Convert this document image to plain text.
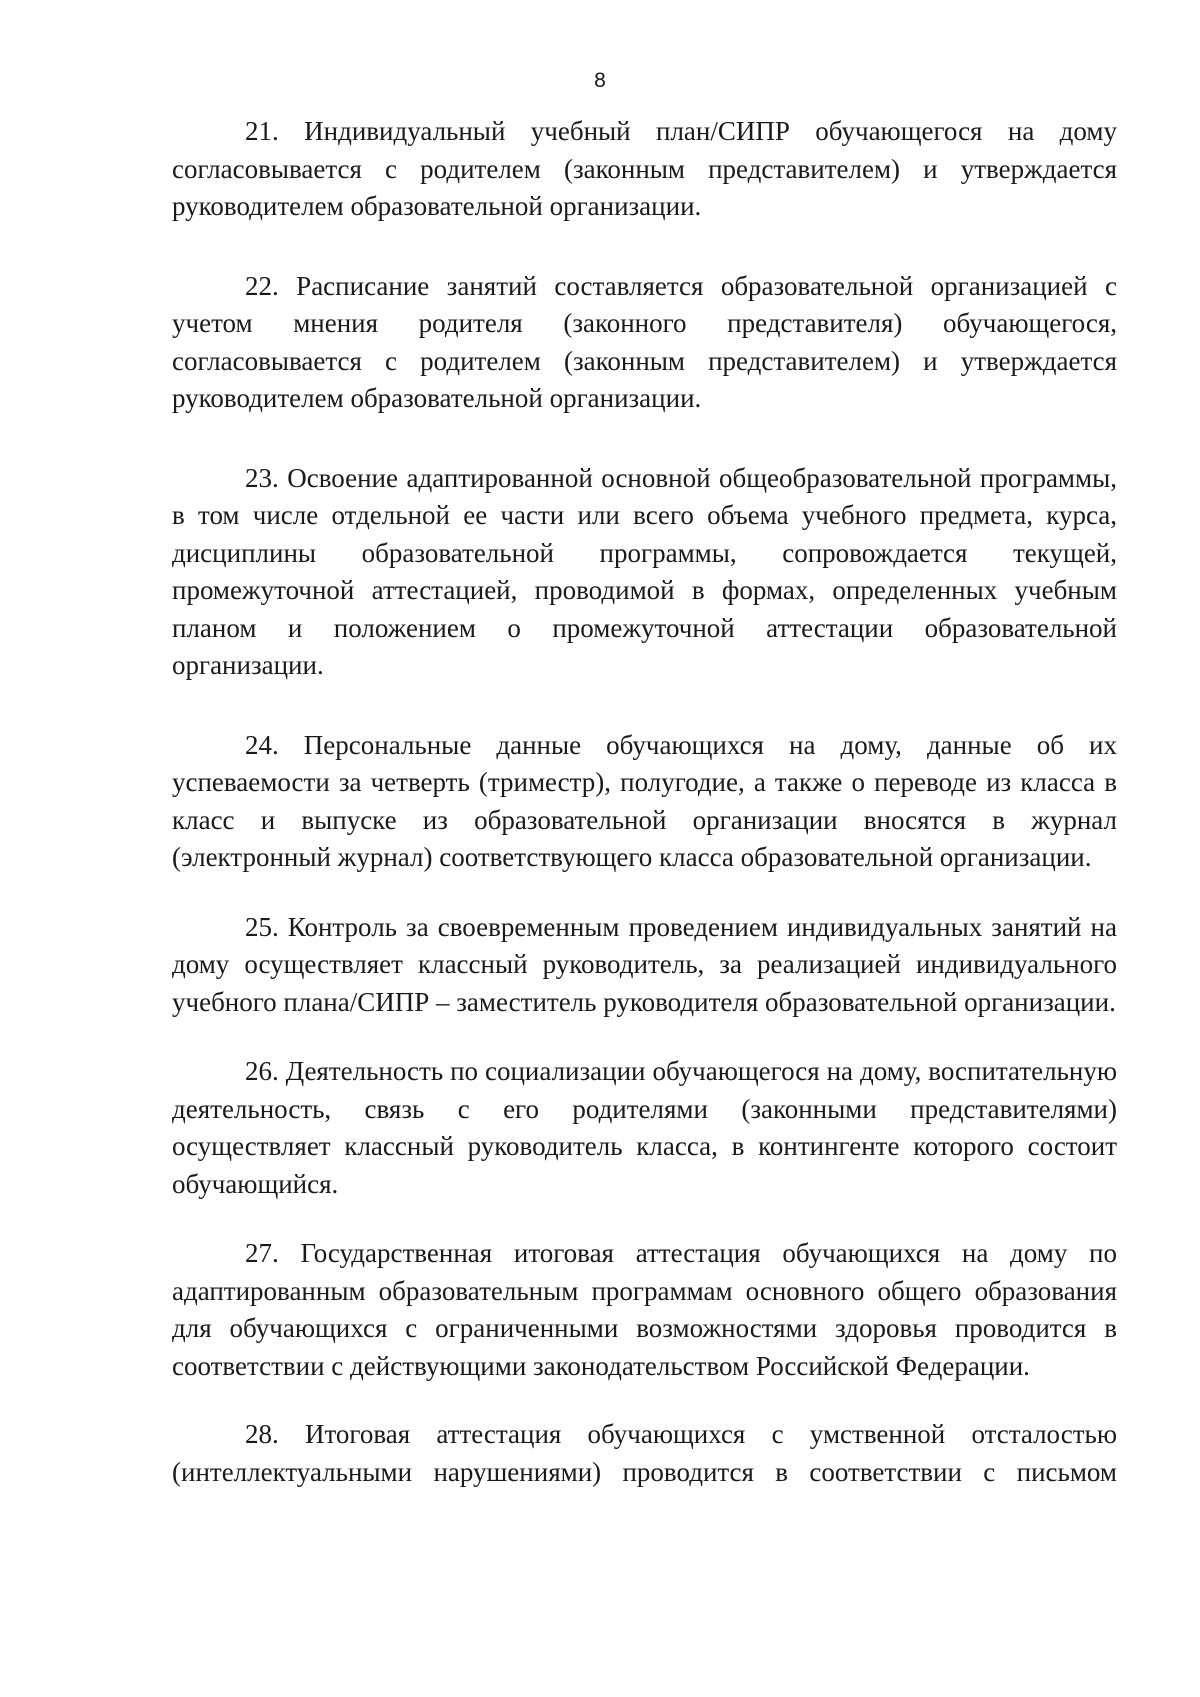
8

21. Индивидуальный учебный план/СИПР обучающегося на дому согласовывается с родителем (законным представителем) и утверждается руководителем образовательной организации.

22. Расписание занятий составляется образовательной организацией с учетом мнения родителя (законного представителя) обучающегося, согласовывается с родителем (законным представителем) и утверждается руководителем образовательной организации.

23. Освоение адаптированной основной общеобразовательной программы, в том числе отдельной ее части или всего объема учебного предмета, курса, дисциплины образовательной программы, сопровождается текущей, промежуточной аттестацией, проводимой в формах, определенных учебным планом и положением о промежуточной аттестации образовательной организации.

24. Персональные данные обучающихся на дому, данные об их успеваемости за четверть (триместр), полугодие, а также о переводе из класса в класс и выпуске из образовательной организации вносятся в журнал (электронный журнал) соответствующего класса образовательной организации.

25. Контроль за своевременным проведением индивидуальных занятий на дому осуществляет классный руководитель, за реализацией индивидуального учебного плана/СИПР – заместитель руководителя образовательной организации.

26. Деятельность по социализации обучающегося на дому, воспитательную деятельность, связь с его родителями (законными представителями) осуществляет классный руководитель класса, в контингенте которого состоит обучающийся.

27. Государственная итоговая аттестация обучающихся на дому по адаптированным образовательным программам основного общего образования для обучающихся с ограниченными возможностями здоровья проводится в соответствии с действующими законодательством Российской Федерации.

28. Итоговая аттестация обучающихся с умственной отсталостью (интеллектуальными нарушениями) проводится в соответствии с письмом
